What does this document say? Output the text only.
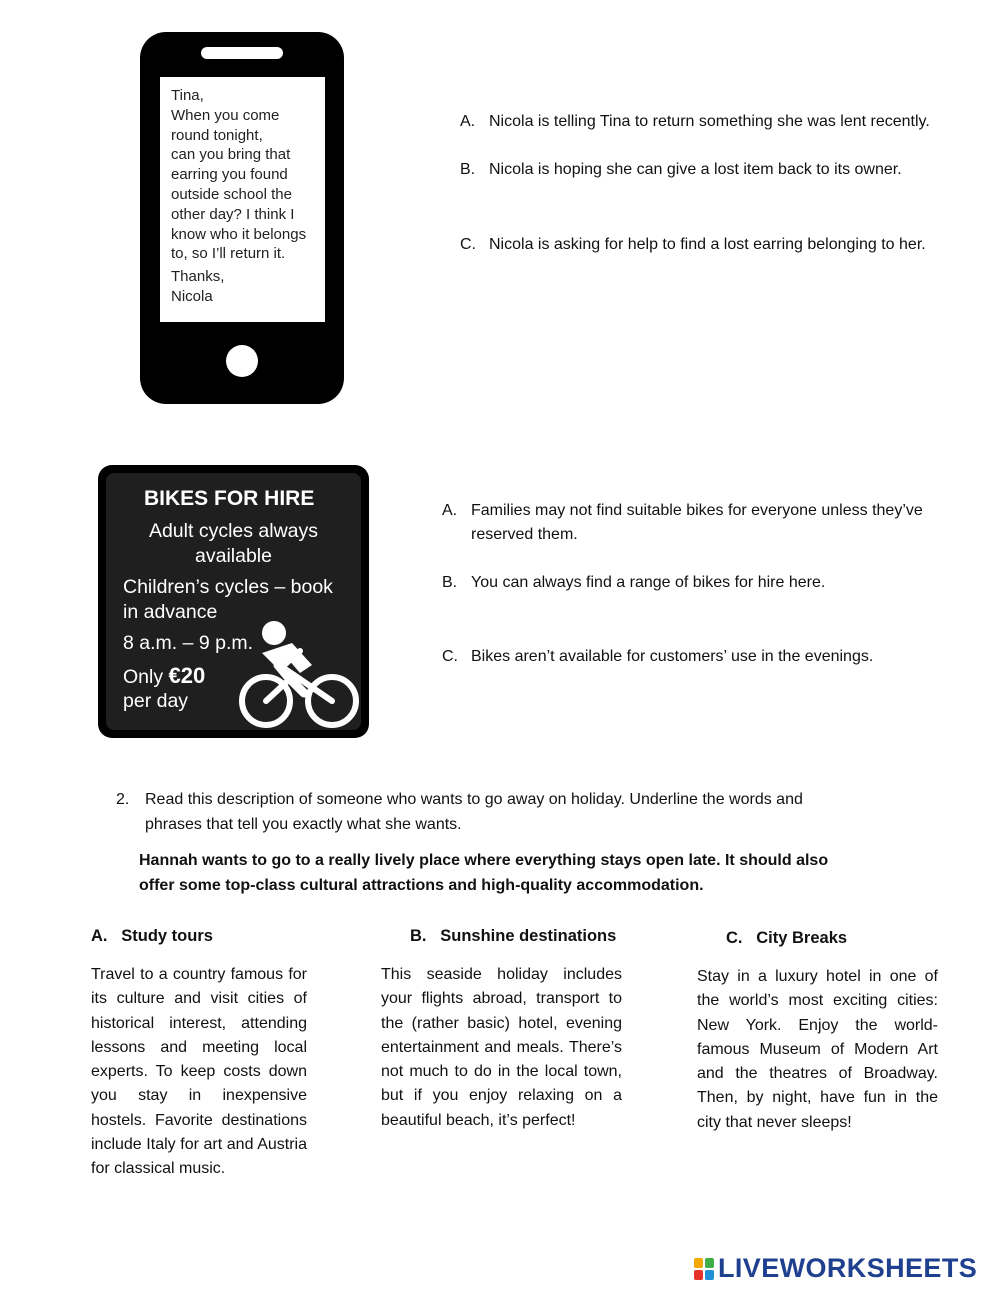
Tina,

When you come round tonight,

can you bring that earring you found outside school the other day? I think I know who it belongs to, so I’ll return it.

Thanks,

Nicola

A. Nicola is telling Tina to return something she was lent recently.
B. Nicola is hoping she can give a lost item back to its owner.
C. Nicola is asking for help to find a lost earring belonging to her.
BIKES FOR HIRE
Adult cycles always
available
Children’s cycles – book
in advance
8 a.m. – 9 p.m.
Only €20
per day
A. Families may not find suitable bikes for everyone unless they’ve
reserved them.
B. You can always find a range of bikes for hire here.
C. Bikes aren’t available for customers’ use in the evenings.
2. Read this description of someone who wants to go away on holiday. Underline the words and
phrases that tell you exactly what she wants.
Hannah wants to go to a really lively place where everything stays open late. It should also
offer some top-class cultural attractions and high-quality accommodation.
A. Study tours
Travel to a country famous for its culture and visit cities of historical interest, attending lessons and meeting local experts. To keep costs down you stay in inexpensive hostels. Favorite destinations include Italy for art and Austria for classical music.
B. Sunshine destinations
This seaside holiday includes your flights abroad, transport to the (rather basic) hotel, evening entertainment and meals. There’s not much to do in the local town, but if you enjoy relaxing on a beautiful beach, it’s perfect!
C. City Breaks
Stay in a luxury hotel in one of the world’s most exciting cities: New York. Enjoy the world-famous Museum of Modern Art and the theatres of Broadway. Then, by night, have fun in the city that never sleeps!
LIVEWORKSHEETS
